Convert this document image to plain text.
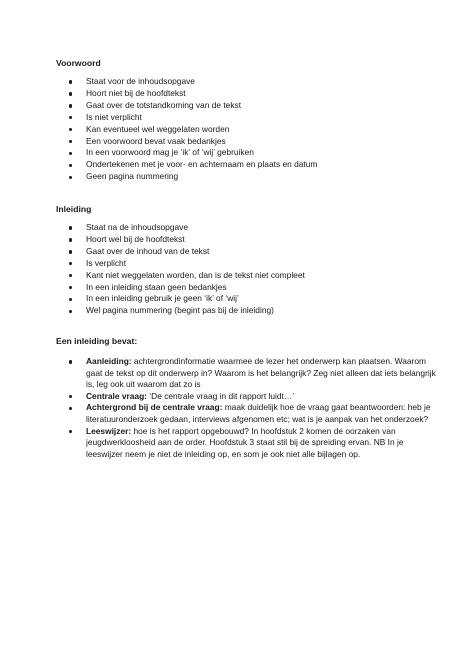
Voorwoord

Staat voor de inhoudsopgave
Hoort niet bij de hoofdtekst
Gaat over de totstandkoming van de tekst
Is niet verplicht
Kan eventueel wel weggelaten worden
Een voorwoord bevat vaak bedankjes
In een voorwoord mag je ‘ik’ of ‘wij’ gebruiken
Ondertekenen met je voor- en achternaam en plaats en datum
Geen pagina nummering

Inleiding

Staat na de inhoudsopgave
Hoort wel bij de hoofdtekst
Gaat over de inhoud van de tekst
Is verplicht
Kant niet weggelaten worden, dan is de tekst niet compleet
In een inleiding staan geen bedankjes
In een inleiding gebruik je geen ‘ik’ of ‘wij’
Wel pagina nummering (begint pas bij de inleiding)

Een inleiding bevat:

Aanleiding: achtergrondinformatie waarmee de lezer het onderwerp kan plaatsen. Waarom gaat de tekst op dit onderwerp in? Waarom is het belangrijk? Zeg niet alleen dat iets belangrijk is, leg ook uit waarom dat zo is
Centrale vraag: ‘De centrale vraag in dit rapport luidt…’
Achtergrond bij de centrale vraag: maak duidelijk hoe de vraag gaat beantwoorden: heb je literatuuronderzoek gedaan, interviews afgenomen etc; wat is je aanpak van het onderzoek?
Leeswijzer: hoe is het rapport opgebouwd? In hoofdstuk 2 komen de oorzaken van jeugdwerkloosheid aan de order. Hoofdstuk 3 staat stil bij de spreiding ervan. NB In je leeswijzer neem je niet de inleiding op, en som je ook niet alle bijlagen op.
